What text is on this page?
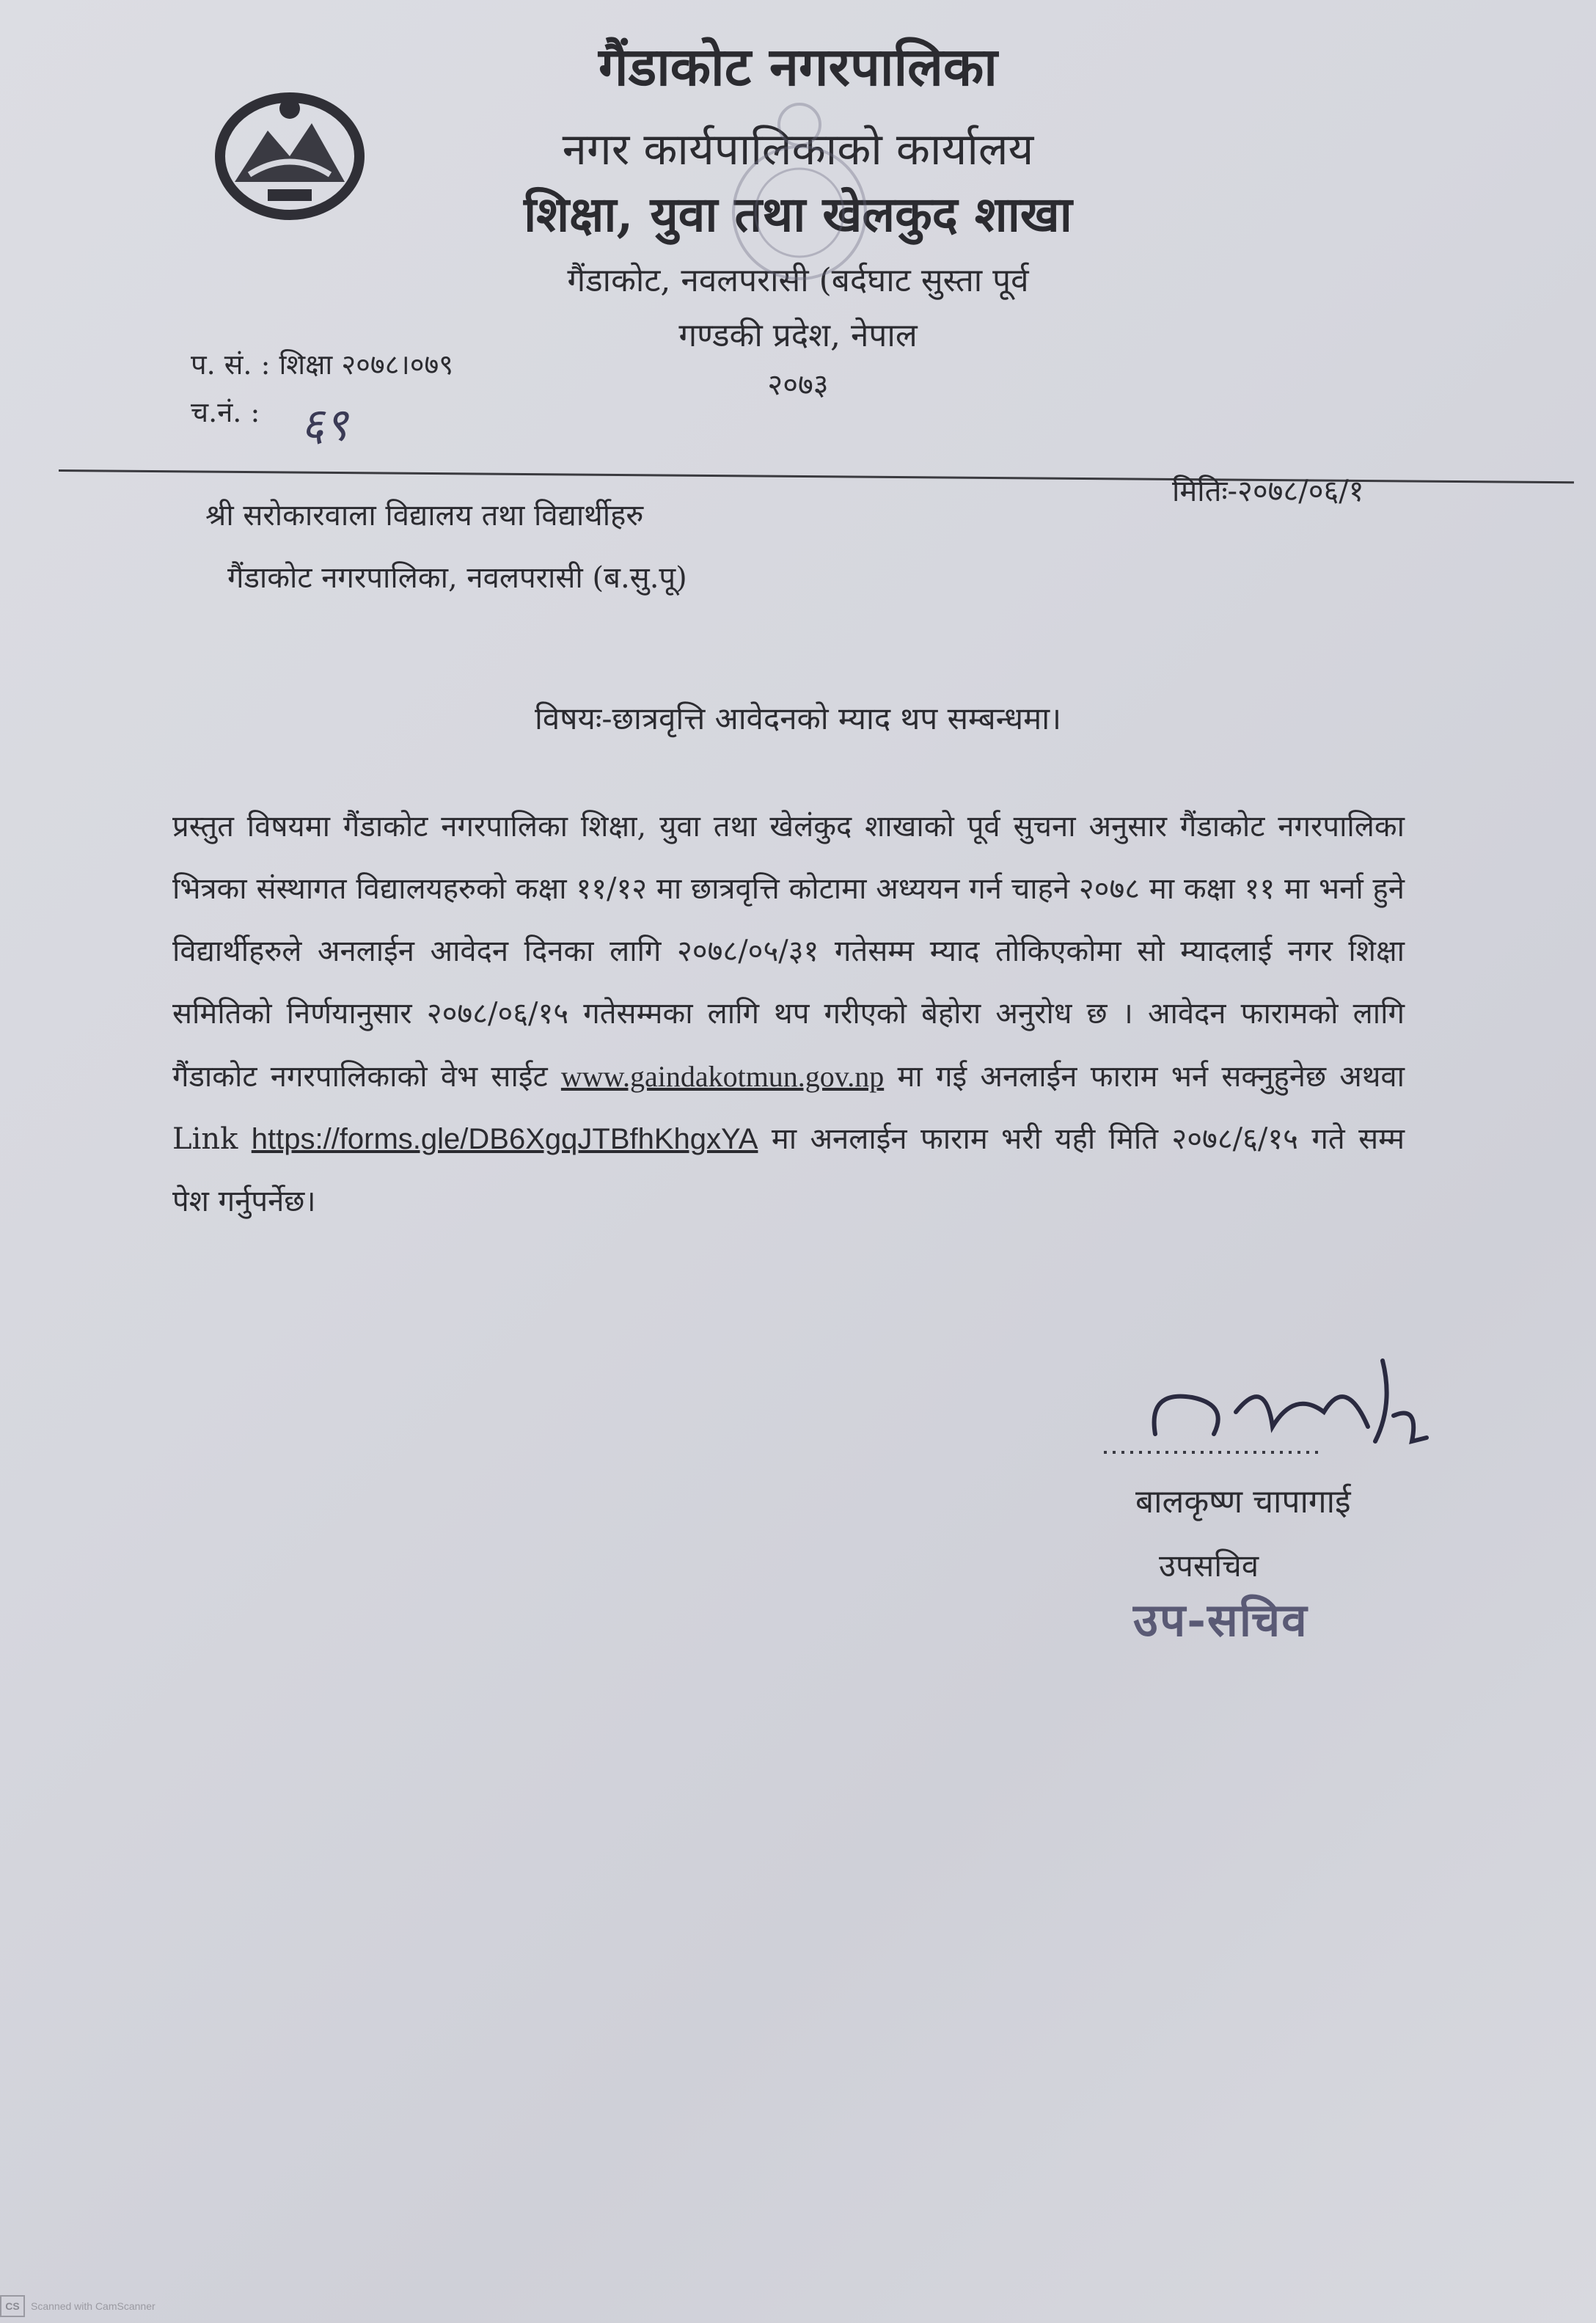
गैंडाकोट नगरपालिका
नगर कार्यपालिकाको कार्यालय
शिक्षा, युवा तथा खेलकुद शाखा
गैंडाकोट, नवलपरासी (बर्दघाट सुस्ता पूर्व
गण्डकी प्रदेश, नेपाल
२०७३
प. सं. : शिक्षा २०७८।०७९
च.नं. : ६९
मितिः-२०७८/०६/१
श्री सरोकारवाला विद्यालय तथा विद्यार्थीहरु
गैंडाकोट नगरपालिका, नवलपरासी (ब.सु.पू)
विषयः-छात्रवृत्ति आवेदनको म्याद थप सम्बन्धमा।
प्रस्तुत विषयमा गैंडाकोट नगरपालिका शिक्षा, युवा तथा खेलंकुद शाखाको पूर्व सुचना अनुसार गैंडाकोट नगरपालिका भित्रका संस्थागत विद्यालयहरुको कक्षा ११/१२ मा छात्रवृत्ति कोटामा अध्ययन गर्न चाहने २०७८ मा कक्षा ११ मा भर्ना हुने विद्यार्थीहरुले अनलाईन आवेदन दिनका लागि २०७८/०५/३१ गतेसम्म म्याद तोकिएकोमा सो म्यादलाई नगर शिक्षा समितिको निर्णयानुसार २०७८/०६/१५ गतेसम्मका लागि थप गरीएको बेहोरा अनुरोध छ । आवेदन फारामको लागि गैंडाकोट नगरपालिकाको वेभ साईट www.gaindakotmun.gov.np मा गई अनलाईन फाराम भर्न सक्नुहुनेछ अथवा Link https://forms.gle/DB6XgqJTBfhKhgxYA मा अनलाईन फाराम भरी यही मिति २०७८/६/१५ गते सम्म पेश गर्नुपर्नेछ।
बालकृष्ण चापागाई
उपसचिव
उप-सचिव
CS	Scanned with CamScanner
